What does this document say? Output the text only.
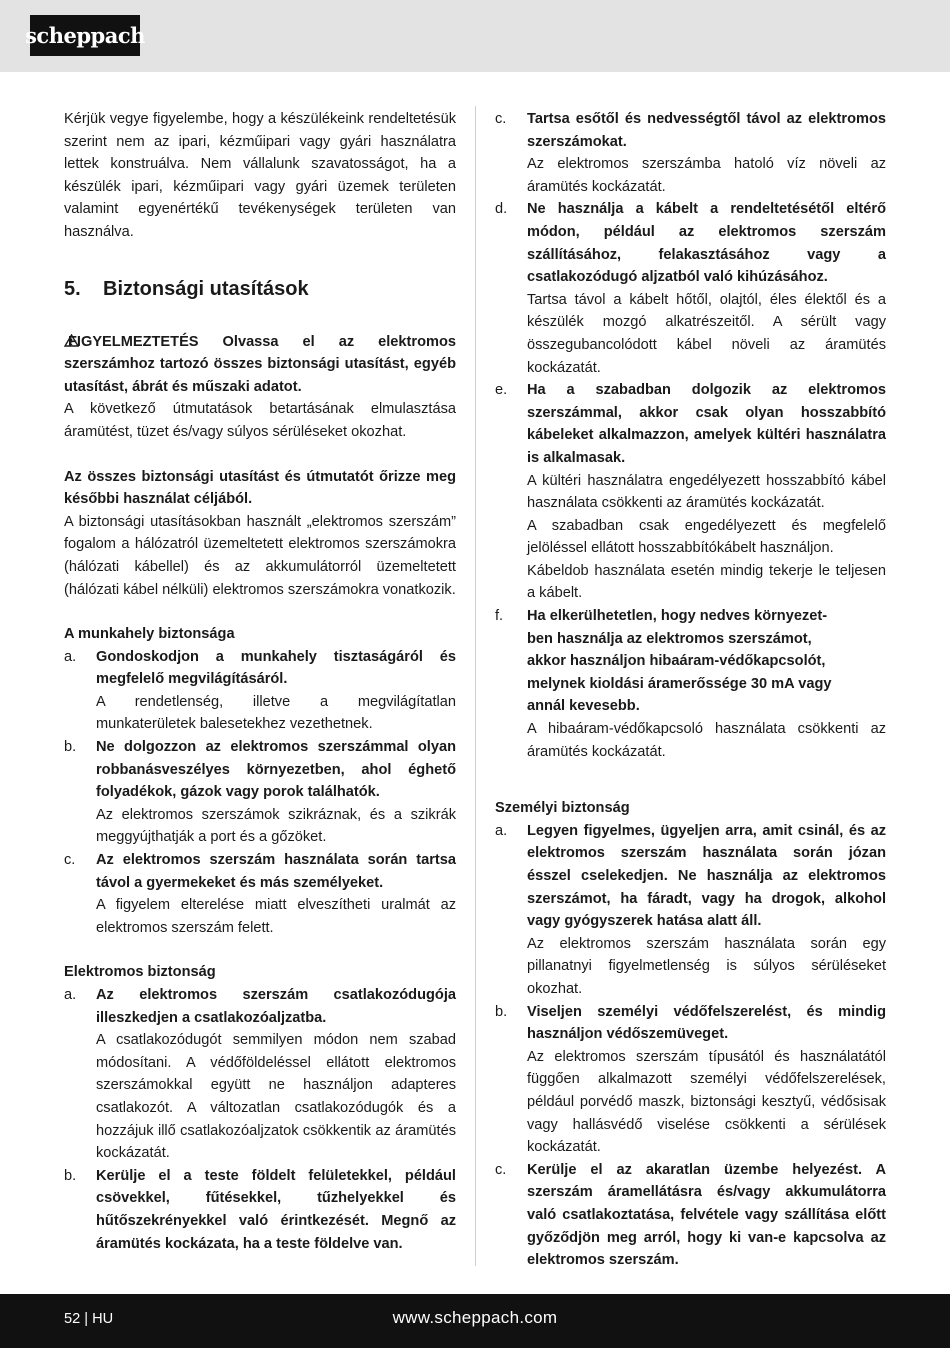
scheppach

Kérjük vegye figyelembe, hogy a készülékeink rendeltetésük szerint nem az ipari, kézműipari vagy gyári használatra lettek konstruálva. Nem vállalunk szavatosságot, ha a készülék ipari, kézműipari vagy gyári üzemek területen valamint egyenértékű tevékenységek területen van használva.

5.	Biztonsági utasítások

FIGYELMEZTETÉS Olvassa el az elektromos szerszámhoz tartozó összes biztonsági utasítást, egyéb utasítást, ábrát és műszaki adatot.

A következő útmutatások betartásának elmulasztása áramütést, tüzet és/vagy súlyos sérüléseket okozhat.

Az összes biztonsági utasítást és útmutatót őrizze meg későbbi használat céljából.

A biztonsági utasításokban használt „elektromos szerszám” fogalom a hálózatról üzemeltetett elektromos szerszámokra (hálózati kábellel) és az akkumulátorról üzemeltetett (hálózati kábel nélküli) elektromos szerszámokra vonatkozik.

A munkahely biztonsága

a.	Gondoskodjon a munkahely tisztaságáról és megfelelő megvilágításáról.

A rendetlenség, illetve a megvilágítatlan munkaterületek balesetekhez vezethetnek.

b.	Ne dolgozzon az elektromos szerszámmal olyan robbanásveszélyes környezetben, ahol éghető folyadékok, gázok vagy porok találhatók.

Az elektromos szerszámok szikráznak, és a szikrák meggyújthatják a port és a gőzöket.

c.	Az elektromos szerszám használata során tartsa távol a gyermekeket és más személyeket.

A figyelem elterelése miatt elveszítheti uralmát az elektromos szerszám felett.

Elektromos biztonság

a.	Az elektromos szerszám csatlakozódugója illeszkedjen a csatlakozóaljzatba.

A csatlakozódugót semmilyen módon nem szabad módosítani. A védőföldeléssel ellátott elektromos szerszámokkal együtt ne használjon adapteres csatlakozót. A változatlan csatlakozódugók és a hozzájuk illő csatlakozóaljzatok csökkentik az áramütés kockázatát.

b.	Kerülje el a teste földelt felületekkel, például csövekkel, fűtésekkel, tűzhelyekkel és hűtőszekrényekkel való érintkezését. Megnő az áramütés kockázata, ha a teste földelve van.

c.	Tartsa esőtől és nedvességtől távol az elektromos szerszámokat.

Az elektromos szerszámba hatoló víz növeli az áramütés kockázatát.

d.	Ne használja a kábelt a rendeltetésétől eltérő módon, például az elektromos szerszám szállításához, felakasztásához vagy a csatlakozódugó aljzatból való kihúzásához.

Tartsa távol a kábelt hőtől, olajtól, éles élektől és a készülék mozgó alkatrészeitől. A sérült vagy összegubancolódott kábel növeli az áramütés kockázatát.

e.	Ha a szabadban dolgozik az elektromos szerszámmal, akkor csak olyan hosszabbító kábeleket alkalmazzon, amelyek kültéri használatra is alkalmasak.

A kültéri használatra engedélyezett hosszabbító kábel használata csökkenti az áramütés kockázatát.

A szabadban csak engedélyezett és megfelelő jelöléssel ellátott hosszabbítókábelt használjon.

Kábeldob használata esetén mindig tekerje le teljesen a kábelt.

f.	Ha elkerülhetetlen, hogy nedves környezet-

ben használja az elektromos szerszámot,

akkor használjon hibaáram-védőkapcsolót,

melynek kioldási áramerőssége 30 mA vagy

annál kevesebb.

A hibaáram-védőkapcsoló használata csökkenti az áramütés kockázatát.

Személyi biztonság

a.	Legyen figyelmes, ügyeljen arra, amit csinál, és az elektromos szerszám használata során józan ésszel cselekedjen. Ne használja az elektromos szerszámot, ha fáradt, vagy ha drogok, alkohol vagy gyógyszerek hatása alatt áll.

Az elektromos szerszám használata során egy pillanatnyi figyelmetlenség is súlyos sérüléseket okozhat.

b.	Viseljen személyi védőfelszerelést, és mindig használjon védőszemüveget.

Az elektromos szerszám típusától és használatától függően alkalmazott személyi védőfelszerelések, például porvédő maszk, biztonsági kesztyű, védősisak vagy hallásvédő viselése csökkenti a sérülések kockázatát.

c.	Kerülje el az akaratlan üzembe helyezést. A szerszám áramellátásra és/vagy akkumulátorra való csatlakoztatása, felvétele vagy szállítása előtt győződjön meg arról, hogy ki van-e kapcsolva az elektromos szerszám.

52 | HU	www.scheppach.com
